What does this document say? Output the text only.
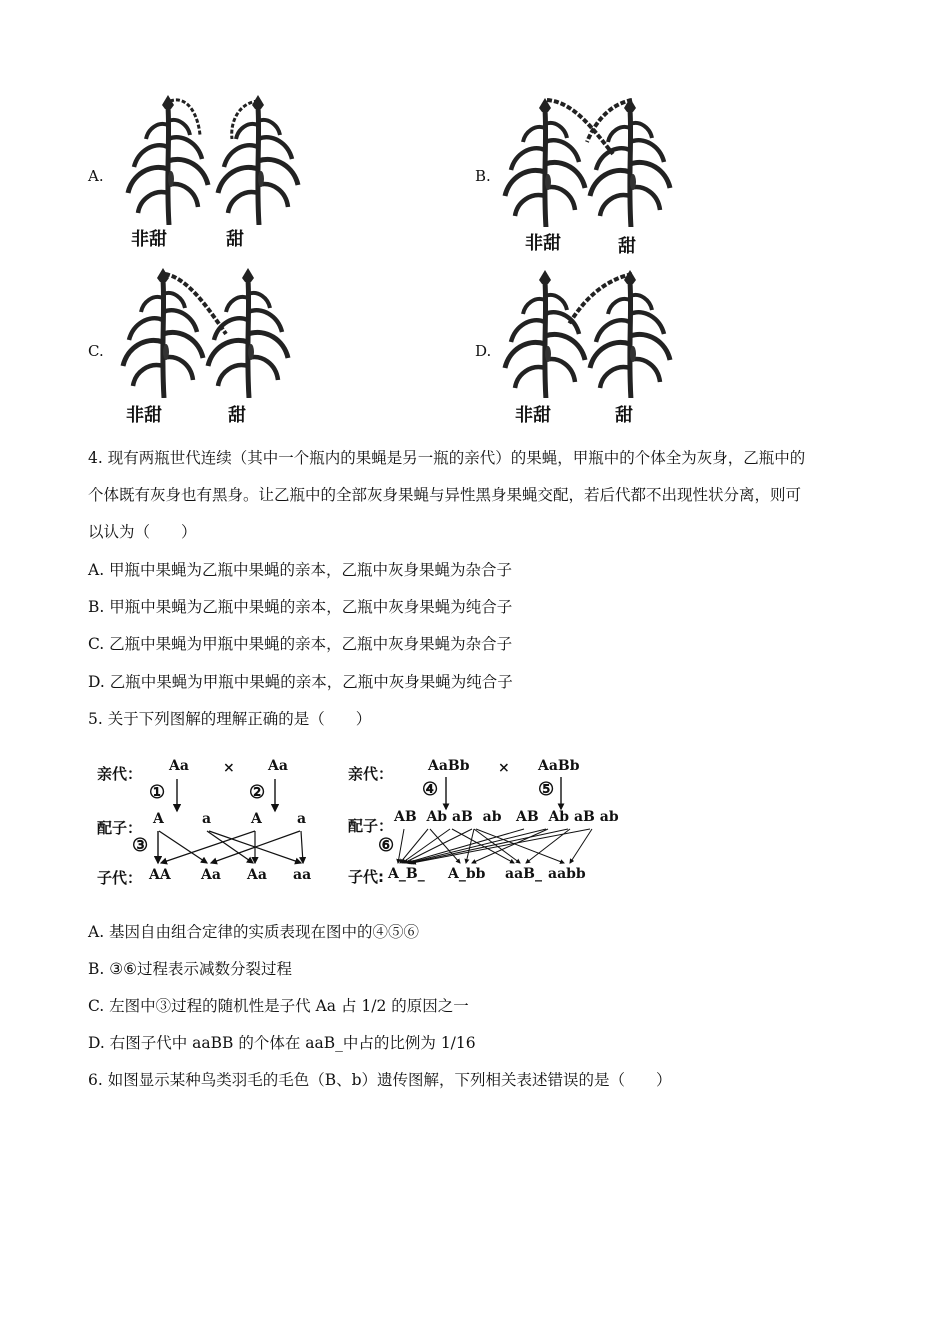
A.
非甜	甜
B.
非甜	甜
C.
非甜	甜
D.
非甜	甜
4. 现有两瓶世代连续（其中一个瓶内的果蝇是另一瓶的亲代）的果蝇，甲瓶中的个体全为灰身，乙瓶中的
个体既有灰身也有黑身。让乙瓶中的全部灰身果蝇与异性黑身果蝇交配，若后代都不出现性状分离，则可
以认为（　　）
A. 甲瓶中果蝇为乙瓶中果蝇的亲本，乙瓶中灰身果蝇为杂合子
B. 甲瓶中果蝇为乙瓶中果蝇的亲本，乙瓶中灰身果蝇为纯合子
C. 乙瓶中果蝇为甲瓶中果蝇的亲本，乙瓶中灰身果蝇为杂合子
D. 乙瓶中果蝇为甲瓶中果蝇的亲本，乙瓶中灰身果蝇为纯合子
5. 关于下列图解的理解正确的是（　　）
亲代： Aa × Aa
①	②
配子： A	a	A	a
③
子代： AA Aa Aa aa
亲代： AaBb × AaBb
④	⑤
配子： AB  Ab aB  ab AB  Ab aB ab
⑥
子代: A_B_ A_bb aaB_ aabb
A. 基因自由组合定律的实质表现在图中的④⑤⑥
B. ③⑥过程表示减数分裂过程
C. 左图中③过程的随机性是子代 Aa 占 1/2 的原因之一
D. 右图子代中 aaBB 的个体在 aaB_中占的比例为 1/16
6. 如图显示某种鸟类羽毛的毛色（B、b）遗传图解，下列相关表述错误的是（　　）
